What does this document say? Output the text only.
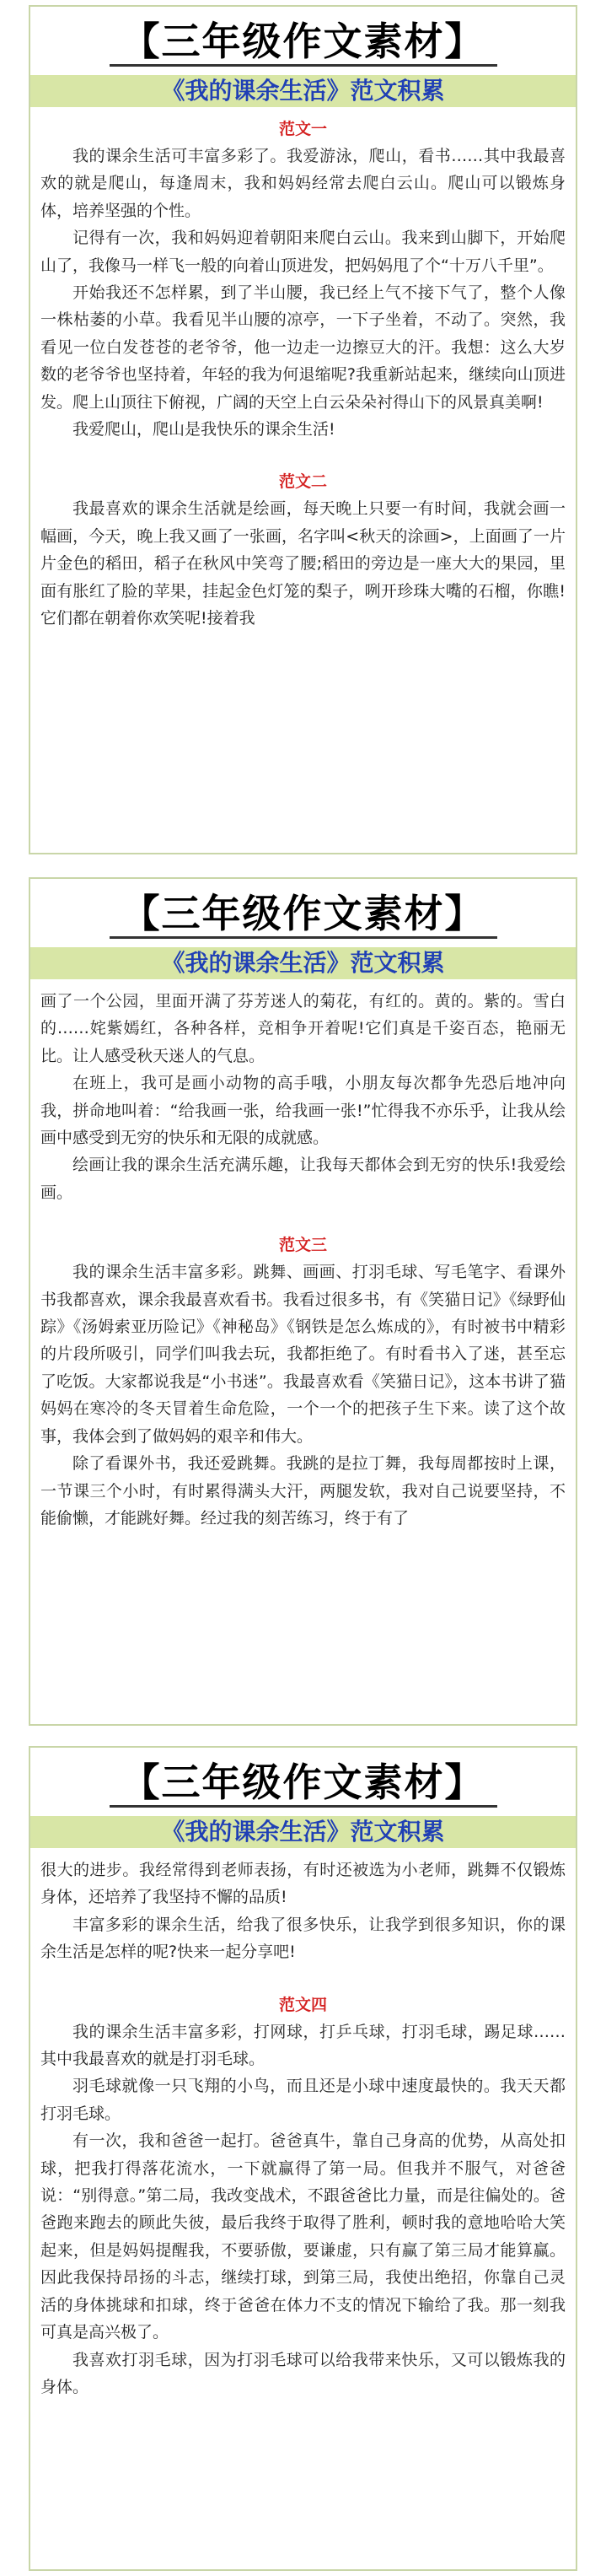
【三年级作文素材】
《我的课余生活》范文积累
范文一

我的课余生活可丰富多彩了。我爱游泳，爬山，看书……其中我最喜欢的就是爬山，每逢周末，我和妈妈经常去爬白云山。爬山可以锻炼身体，培养坚强的个性。

记得有一次，我和妈妈迎着朝阳来爬白云山。我来到山脚下，开始爬山了，我像马一样飞一般的向着山顶进发，把妈妈甩了个“十万八千里”。

开始我还不怎样累，到了半山腰，我已经上气不接下气了，整个人像一株枯萎的小草。我看见半山腰的凉亭，一下子坐着，不动了。突然，我看见一位白发苍苍的老爷爷，他一边走一边擦豆大的汗。我想：这么大岁数的老爷爷也坚持着，年轻的我为何退缩呢?我重新站起来，继续向山顶进发。爬上山顶往下俯视，广阔的天空上白云朵朵衬得山下的风景真美啊!

我爱爬山，爬山是我快乐的课余生活!

范文二

我最喜欢的课余生活就是绘画，每天晚上只要一有时间，我就会画一幅画，今天，晚上我又画了一张画，名字叫<秋天的涂画>，上面画了一片片金色的稻田，稻子在秋风中笑弯了腰;稻田的旁边是一座大大的果园，里面有胀红了脸的苹果，挂起金色灯笼的梨子，咧开珍珠大嘴的石榴，你瞧!它们都在朝着你欢笑呢!接着我

【三年级作文素材】
《我的课余生活》范文积累

画了一个公园，里面开满了芬芳迷人的菊花，有红的。黄的。紫的。雪白的……姹紫嫣红，各种各样，竞相争开着呢!它们真是千姿百态，艳丽无比。让人感受秋天迷人的气息。

在班上，我可是画小动物的高手哦，小朋友每次都争先恐后地冲向我，拼命地叫着：“给我画一张，给我画一张!”忙得我不亦乐乎，让我从绘画中感受到无穷的快乐和无限的成就感。

绘画让我的课余生活充满乐趣，让我每天都体会到无穷的快乐!我爱绘画。

范文三

我的课余生活丰富多彩。跳舞、画画、打羽毛球、写毛笔字、看课外书我都喜欢，课余我最喜欢看书。我看过很多书，有《笑猫日记》《绿野仙踪》《汤姆索亚历险记》《神秘岛》《钢铁是怎么炼成的》，有时被书中精彩的片段所吸引，同学们叫我去玩，我都拒绝了。有时看书入了迷，甚至忘了吃饭。大家都说我是“小书迷”。我最喜欢看《笑猫日记》，这本书讲了猫妈妈在寒冷的冬天冒着生命危险，一个一个的把孩子生下来。读了这个故事，我体会到了做妈妈的艰辛和伟大。

除了看课外书，我还爱跳舞。我跳的是拉丁舞，我每周都按时上课，一节课三个小时，有时累得满头大汗，两腿发软，我对自己说要坚持，不能偷懒，才能跳好舞。经过我的刻苦练习，终于有了

【三年级作文素材】
《我的课余生活》范文积累

很大的进步。我经常得到老师表扬，有时还被选为小老师，跳舞不仅锻炼身体，还培养了我坚持不懈的品质!

丰富多彩的课余生活，给我了很多快乐，让我学到很多知识，你的课余生活是怎样的呢?快来一起分享吧!

范文四

我的课余生活丰富多彩，打网球，打乒乓球，打羽毛球，踢足球……其中我最喜欢的就是打羽毛球。

羽毛球就像一只飞翔的小鸟，而且还是小球中速度最快的。我天天都打羽毛球。

有一次，我和爸爸一起打。爸爸真牛，靠自己身高的优势，从高处扣球，把我打得落花流水，一下就赢得了第一局。但我并不服气，对爸爸说：“别得意。”第二局，我改变战术，不跟爸爸比力量，而是往偏处的。爸爸跑来跑去的顾此失彼，最后我终于取得了胜利，顿时我的意地哈哈大笑起来，但是妈妈提醒我，不要骄傲，要谦虚，只有赢了第三局才能算赢。因此我保持昂扬的斗志，继续打球，到第三局，我使出绝招，你靠自己灵活的身体挑球和扣球，终于爸爸在体力不支的情况下输给了我。那一刻我可真是高兴极了。

我喜欢打羽毛球，因为打羽毛球可以给我带来快乐，又可以锻炼我的身体。
